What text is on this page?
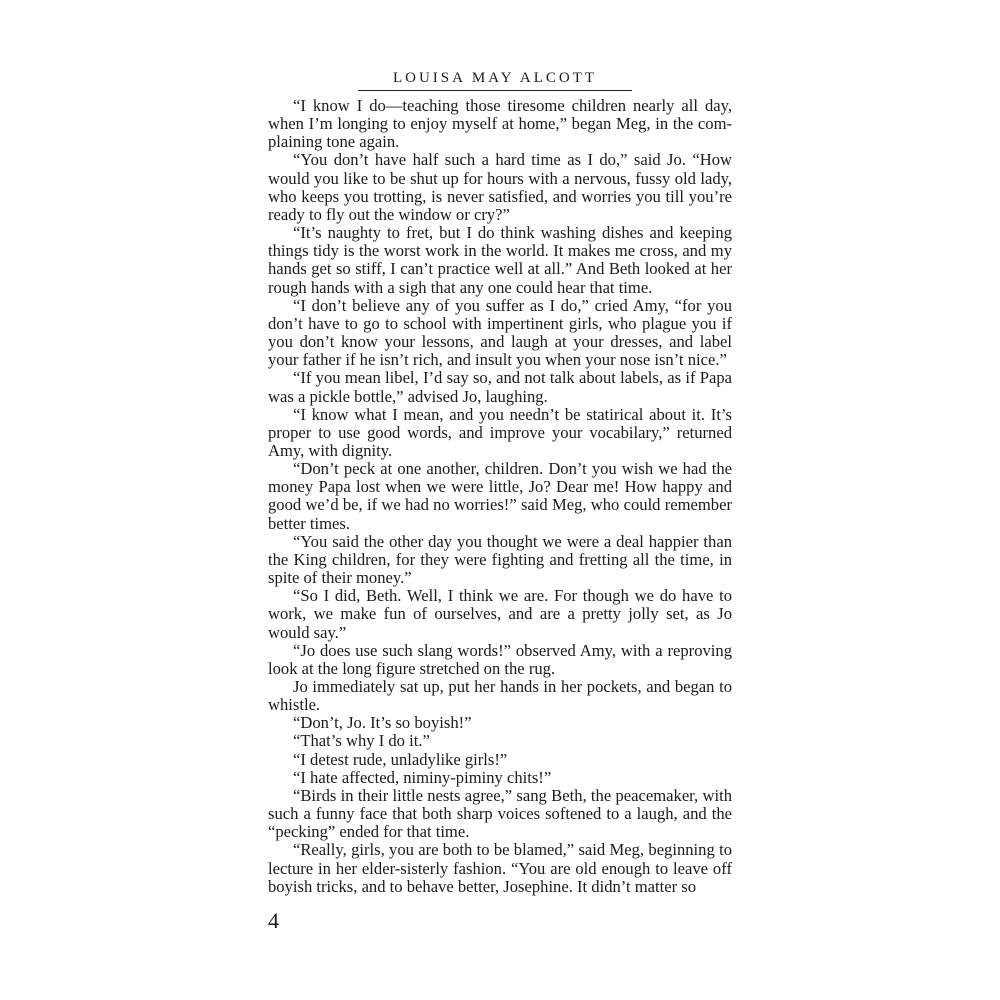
LOUISA MAY ALCOTT

“I know I do—teaching those tiresome children nearly all day, when I’m longing to enjoy myself at home,” began Meg, in the com-plaining tone again.

“You don’t have half such a hard time as I do,” said Jo. “How would you like to be shut up for hours with a nervous, fussy old lady, who keeps you trotting, is never satisfied, and worries you till you’re ready to fly out the window or cry?”

“It’s naughty to fret, but I do think washing dishes and keeping things tidy is the worst work in the world. It makes me cross, and my hands get so stiff, I can’t practice well at all.” And Beth looked at her rough hands with a sigh that any one could hear that time.

“I don’t believe any of you suffer as I do,” cried Amy, “for you don’t have to go to school with impertinent girls, who plague you if you don’t know your lessons, and laugh at your dresses, and label your father if he isn’t rich, and insult you when your nose isn’t nice.”

“If you mean libel, I’d say so, and not talk about labels, as if Papa was a pickle bottle,” advised Jo, laughing.

“I know what I mean, and you needn’t be statirical about it. It’s proper to use good words, and improve your vocabilary,” returned Amy, with dignity.

“Don’t peck at one another, children. Don’t you wish we had the money Papa lost when we were little, Jo? Dear me! How happy and good we’d be, if we had no worries!” said Meg, who could remember better times.

“You said the other day you thought we were a deal happier than the King children, for they were fighting and fretting all the time, in spite of their money.”

“So I did, Beth. Well, I think we are. For though we do have to work, we make fun of ourselves, and are a pretty jolly set, as Jo would say.”

“Jo does use such slang words!” observed Amy, with a reproving look at the long figure stretched on the rug.

Jo immediately sat up, put her hands in her pockets, and began to whistle.

“Don’t, Jo. It’s so boyish!”

“That’s why I do it.”

“I detest rude, unladylike girls!”

“I hate affected, niminy-piminy chits!”

“Birds in their little nests agree,” sang Beth, the peacemaker, with such a funny face that both sharp voices softened to a laugh, and the “pecking” ended for that time.

“Really, girls, you are both to be blamed,” said Meg, beginning to lecture in her elder-sisterly fashion. “You are old enough to leave off boyish tricks, and to behave better, Josephine. It didn’t matter so

4
